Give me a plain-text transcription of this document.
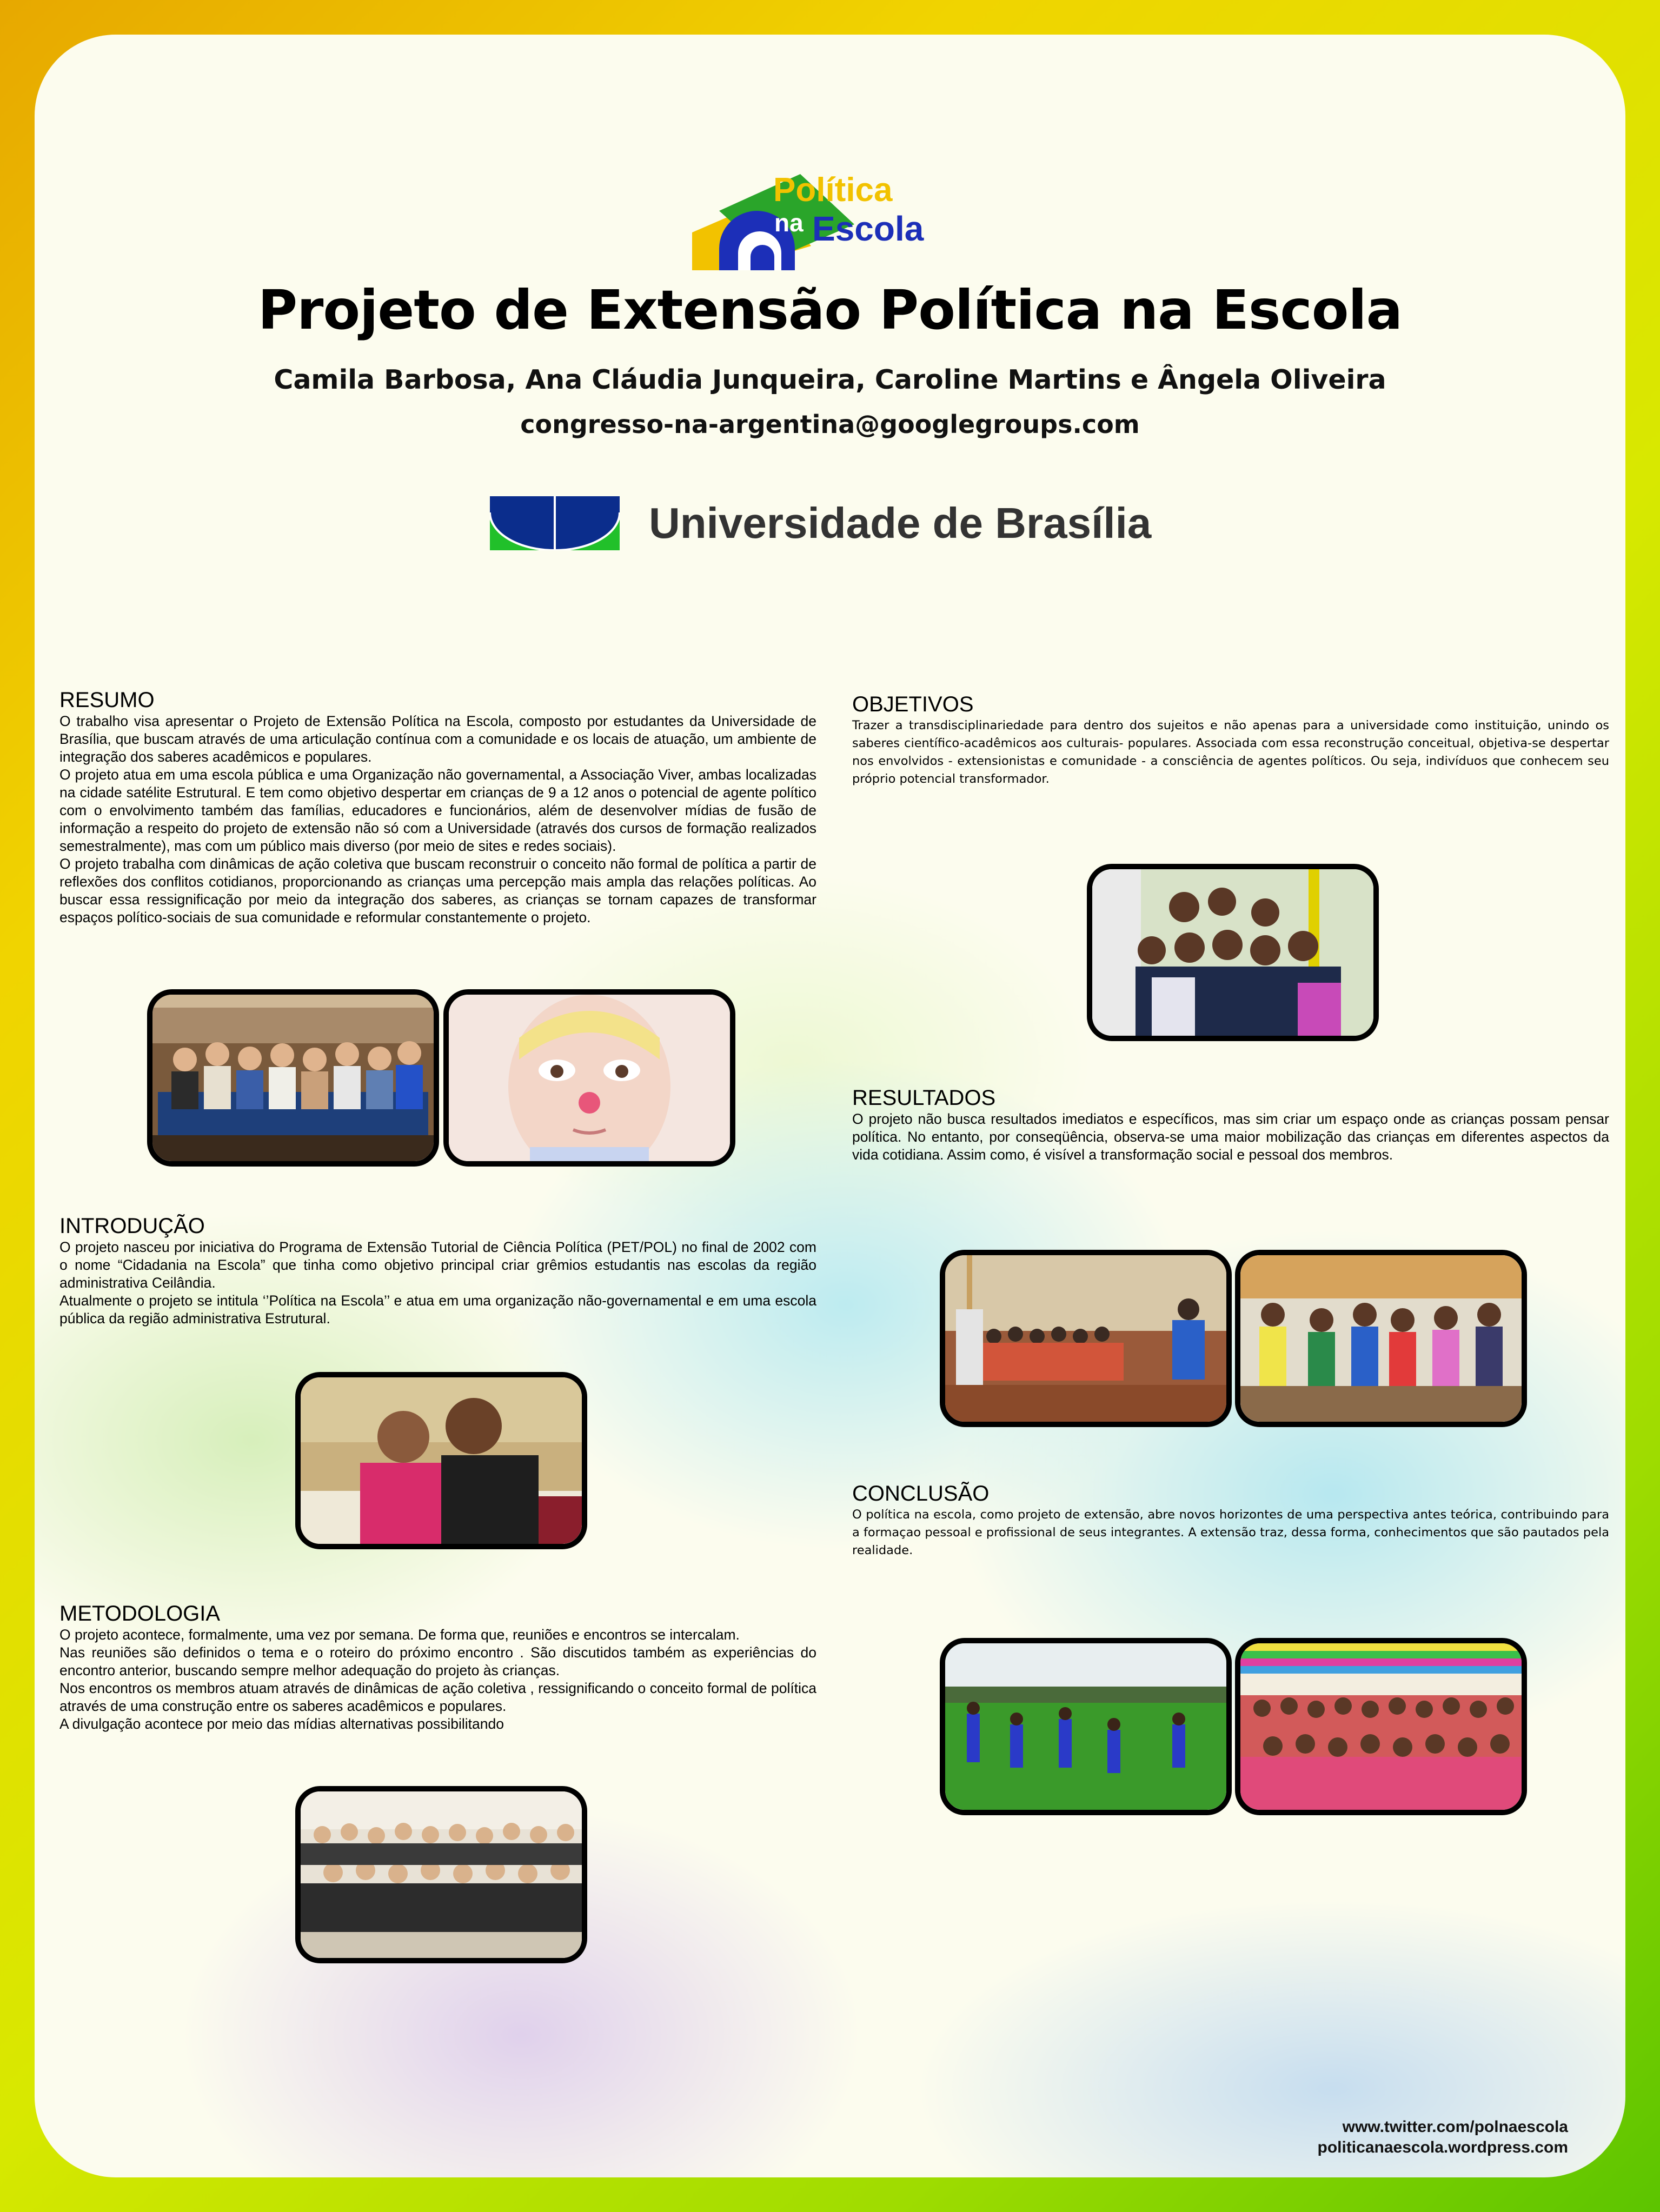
Política
na Escola
Projeto de Extensão Política na Escola
Camila Barbosa, Ana Cláudia Junqueira, Caroline Martins e Ângela Oliveira
congresso-na-argentina@googlegroups.com
Universidade de Brasília
RESUMO

O trabalho visa apresentar o Projeto de Extensão Política na Escola, composto por estudantes da Universidade de Brasília, que buscam através de uma articulação contínua com a comunidade e os locais de atuação, um ambiente de integração dos saberes acadêmicos e populares.

O projeto atua em uma escola pública e uma Organização não governamental, a Associação Viver, ambas localizadas na cidade satélite Estrutural. E tem como objetivo despertar em crianças de 9 a 12 anos o potencial de agente político com o envolvimento também das famílias, educadores e funcionários, além de desenvolver mídias de fusão de informação a respeito do projeto de extensão não só com a Universidade (através dos cursos de formação realizados semestralmente), mas com um público mais diverso (por meio de sites e redes sociais).

O projeto trabalha com dinâmicas de ação coletiva que buscam reconstruir o conceito não formal de política a partir de reflexões dos conflitos cotidianos, proporcionando as crianças uma percepção mais ampla das relações políticas. Ao buscar essa ressignificação por meio da integração dos saberes, as crianças se tornam capazes de transformar espaços político-sociais de sua comunidade e reformular constantemente o projeto.

INTRODUÇÃO

O projeto nasceu por iniciativa do Programa de Extensão Tutorial de Ciência Política (PET/POL) no final de 2002 com o nome “Cidadania na Escola” que tinha como objetivo principal criar grêmios estudantis nas escolas da região administrativa Ceilândia.

Atualmente o projeto se intitula ‘’Política na Escola’’ e atua em uma organização não-governamental e em uma escola pública da região administrativa Estrutural.

METODOLOGIA

O projeto acontece, formalmente, uma vez por semana. De forma que, reuniões e encontros se intercalam.

Nas reuniões são definidos o tema e o roteiro do próximo encontro . São discutidos também as experiências do encontro anterior, buscando sempre melhor adequação do projeto às crianças.

Nos encontros os membros atuam através de dinâmicas de ação coletiva , ressignificando o conceito formal de política através de uma construção entre os saberes acadêmicos e populares.

A divulgação acontece por meio das mídias alternativas possibilitando

OBJETIVOS

Trazer a transdisciplinariedade para dentro dos sujeitos e não apenas para a universidade como instituição, unindo os saberes científico-acadêmicos aos culturais- populares. Associada com essa reconstrução conceitual, objetiva-se despertar nos envolvidos - extensionistas e comunidade - a consciência de agentes políticos. Ou seja, indivíduos que conhecem seu próprio potencial transformador.

RESULTADOS

O projeto não busca resultados imediatos e específicos, mas sim criar um espaço onde as crianças possam pensar política. No entanto, por conseqüência, observa-se uma maior mobilização das crianças em diferentes aspectos da vida cotidiana. Assim como, é visível a transformação social e pessoal dos membros.

CONCLUSÃO

O política na escola, como projeto de extensão, abre novos horizontes de uma perspectiva antes teórica, contribuindo para a formaçao pessoal e profissional de seus integrantes. A extensão traz, dessa forma, conhecimentos que são pautados pela realidade.

www.twitter.com/polnaescola
politicanaescola.wordpress.com
